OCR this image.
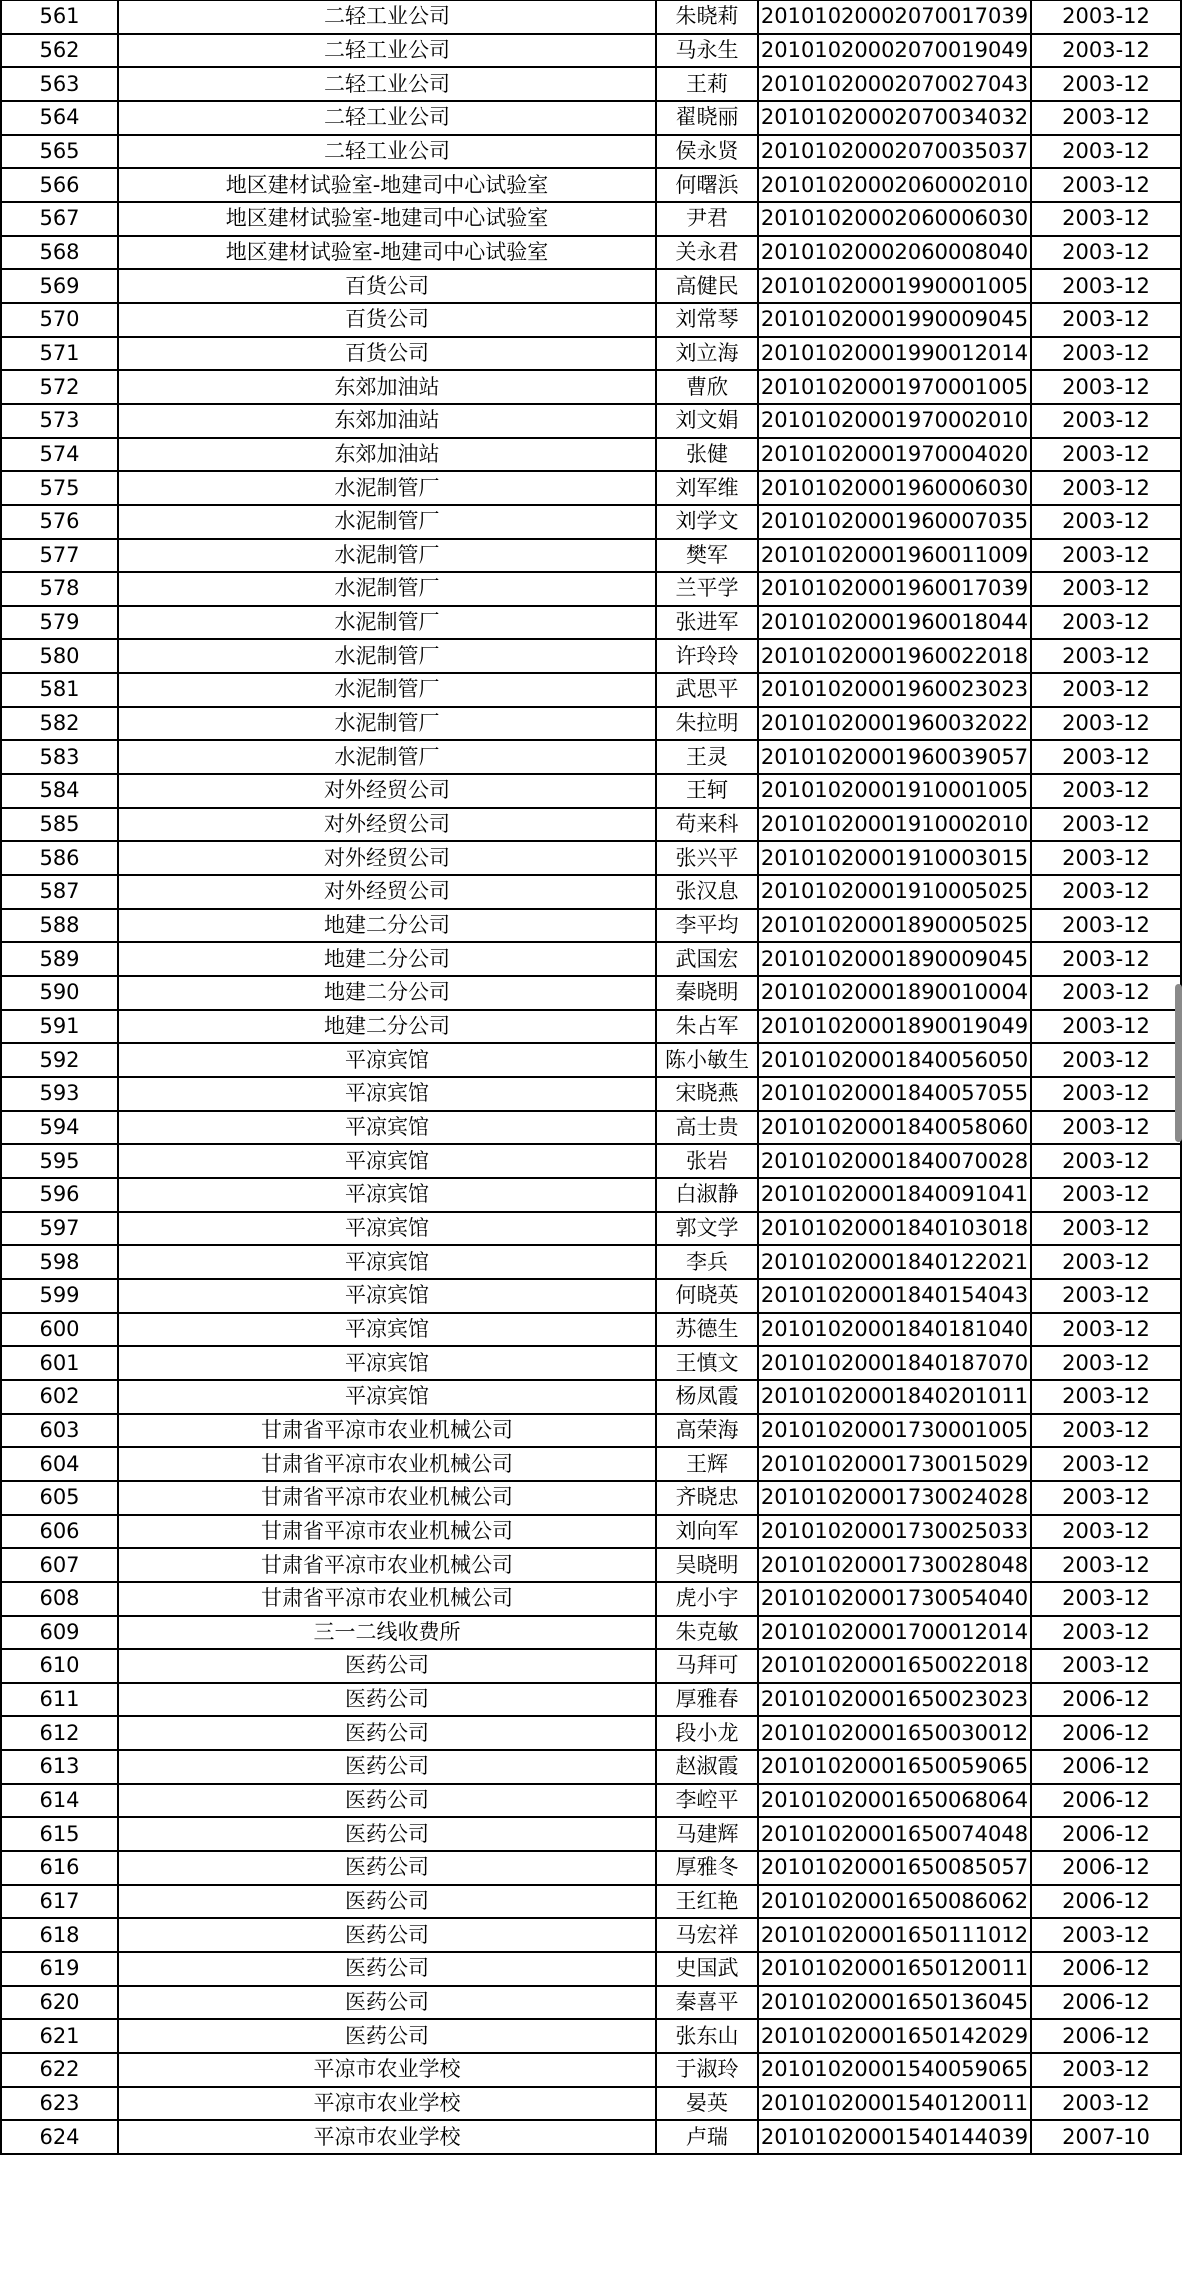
561	二轻工业公司	朱晓莉	20101020002070017039	2003-12
562	二轻工业公司	马永生	20101020002070019049	2003-12
563	二轻工业公司	王莉	20101020002070027043	2003-12
564	二轻工业公司	翟晓丽	20101020002070034032	2003-12
565	二轻工业公司	侯永贤	20101020002070035037	2003-12
566	地区建材试验室-地建司中心试验室	何曙浜	20101020002060002010	2003-12
567	地区建材试验室-地建司中心试验室	尹君	20101020002060006030	2003-12
568	地区建材试验室-地建司中心试验室	关永君	20101020002060008040	2003-12
569	百货公司	高健民	20101020001990001005	2003-12
570	百货公司	刘常琴	20101020001990009045	2003-12
571	百货公司	刘立海	20101020001990012014	2003-12
572	东郊加油站	曹欣	20101020001970001005	2003-12
573	东郊加油站	刘文娟	20101020001970002010	2003-12
574	东郊加油站	张健	20101020001970004020	2003-12
575	水泥制管厂	刘军维	20101020001960006030	2003-12
576	水泥制管厂	刘学文	20101020001960007035	2003-12
577	水泥制管厂	樊军	20101020001960011009	2003-12
578	水泥制管厂	兰平学	20101020001960017039	2003-12
579	水泥制管厂	张进军	20101020001960018044	2003-12
580	水泥制管厂	许玲玲	20101020001960022018	2003-12
581	水泥制管厂	武思平	20101020001960023023	2003-12
582	水泥制管厂	朱拉明	20101020001960032022	2003-12
583	水泥制管厂	王灵	20101020001960039057	2003-12
584	对外经贸公司	王轲	20101020001910001005	2003-12
585	对外经贸公司	苟来科	20101020001910002010	2003-12
586	对外经贸公司	张兴平	20101020001910003015	2003-12
587	对外经贸公司	张汉息	20101020001910005025	2003-12
588	地建二分公司	李平均	20101020001890005025	2003-12
589	地建二分公司	武国宏	20101020001890009045	2003-12
590	地建二分公司	秦晓明	20101020001890010004	2003-12
591	地建二分公司	朱占军	20101020001890019049	2003-12
592	平凉宾馆	陈小敏生	20101020001840056050	2003-12
593	平凉宾馆	宋晓燕	20101020001840057055	2003-12
594	平凉宾馆	高士贵	20101020001840058060	2003-12
595	平凉宾馆	张岩	20101020001840070028	2003-12
596	平凉宾馆	白淑静	20101020001840091041	2003-12
597	平凉宾馆	郭文学	20101020001840103018	2003-12
598	平凉宾馆	李兵	20101020001840122021	2003-12
599	平凉宾馆	何晓英	20101020001840154043	2003-12
600	平凉宾馆	苏德生	20101020001840181040	2003-12
601	平凉宾馆	王慎文	20101020001840187070	2003-12
602	平凉宾馆	杨凤霞	20101020001840201011	2003-12
603	甘肃省平凉市农业机械公司	高荣海	20101020001730001005	2003-12
604	甘肃省平凉市农业机械公司	王辉	20101020001730015029	2003-12
605	甘肃省平凉市农业机械公司	齐晓忠	20101020001730024028	2003-12
606	甘肃省平凉市农业机械公司	刘向军	20101020001730025033	2003-12
607	甘肃省平凉市农业机械公司	吴晓明	20101020001730028048	2003-12
608	甘肃省平凉市农业机械公司	虎小宇	20101020001730054040	2003-12
609	三一二线收费所	朱克敏	20101020001700012014	2003-12
610	医药公司	马拜可	20101020001650022018	2003-12
611	医药公司	厚雅春	20101020001650023023	2006-12
612	医药公司	段小龙	20101020001650030012	2006-12
613	医药公司	赵淑霞	20101020001650059065	2006-12
614	医药公司	李崆平	20101020001650068064	2006-12
615	医药公司	马建辉	20101020001650074048	2006-12
616	医药公司	厚雅冬	20101020001650085057	2006-12
617	医药公司	王红艳	20101020001650086062	2006-12
618	医药公司	马宏祥	20101020001650111012	2003-12
619	医药公司	史国武	20101020001650120011	2006-12
620	医药公司	秦喜平	20101020001650136045	2006-12
621	医药公司	张东山	20101020001650142029	2006-12
622	平凉市农业学校	于淑玲	20101020001540059065	2003-12
623	平凉市农业学校	晏英	20101020001540120011	2003-12
624	平凉市农业学校	卢瑞	20101020001540144039	2007-10
